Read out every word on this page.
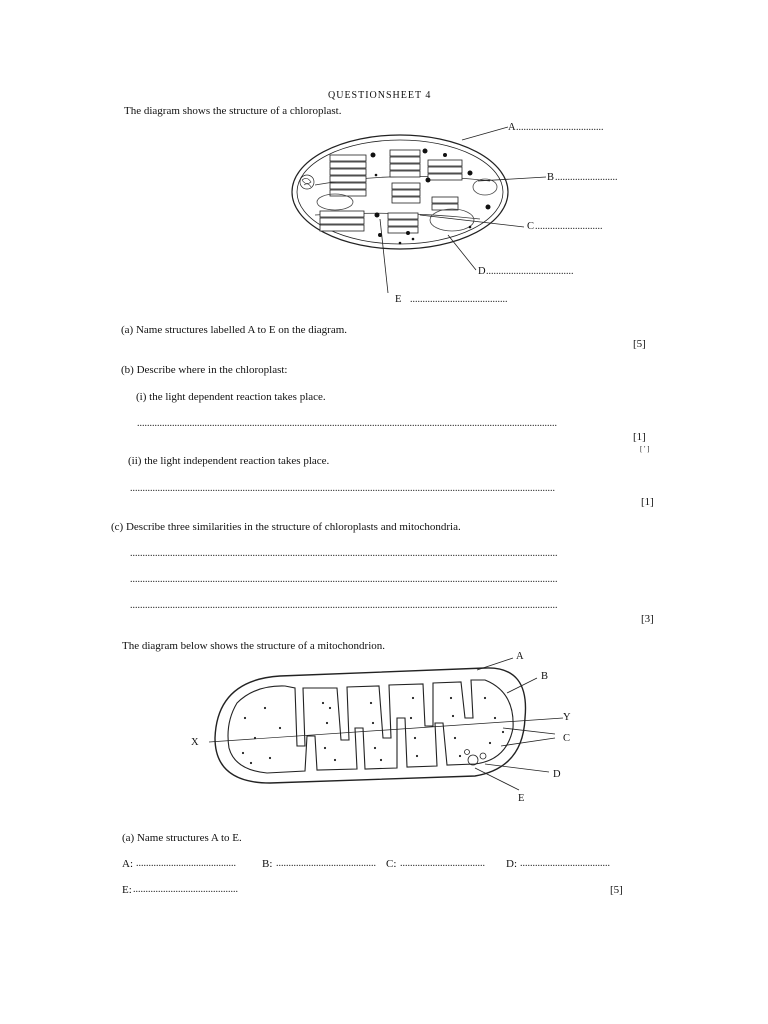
QUESTIONSHEET 4
The diagram shows the structure of a chloroplast.
A ...................................
B .........................
C ...........................
D ...................................
E .......................................
(a) Name structures labelled A to E on the diagram.
[5]
(b) Describe where in the chloroplast:
(i) the light dependent reaction takes place.
........................................................................................................................................................................
[1]
[ ' ]
(ii) the light independent reaction takes place.
..........................................................................................................................................................................
[1]
(c) Describe three similarities in the structure of chloroplasts and mitochondria.
...........................................................................................................................................................................
...........................................................................................................................................................................
...........................................................................................................................................................................
[3]
The diagram below shows the structure of a mitochondrion.
A
B
Y
X	C
D
E
(a) Name structures A to E.
A: ........................................	B: ........................................ C: ..................................	D: ....................................
E: ..........................................	[5]
